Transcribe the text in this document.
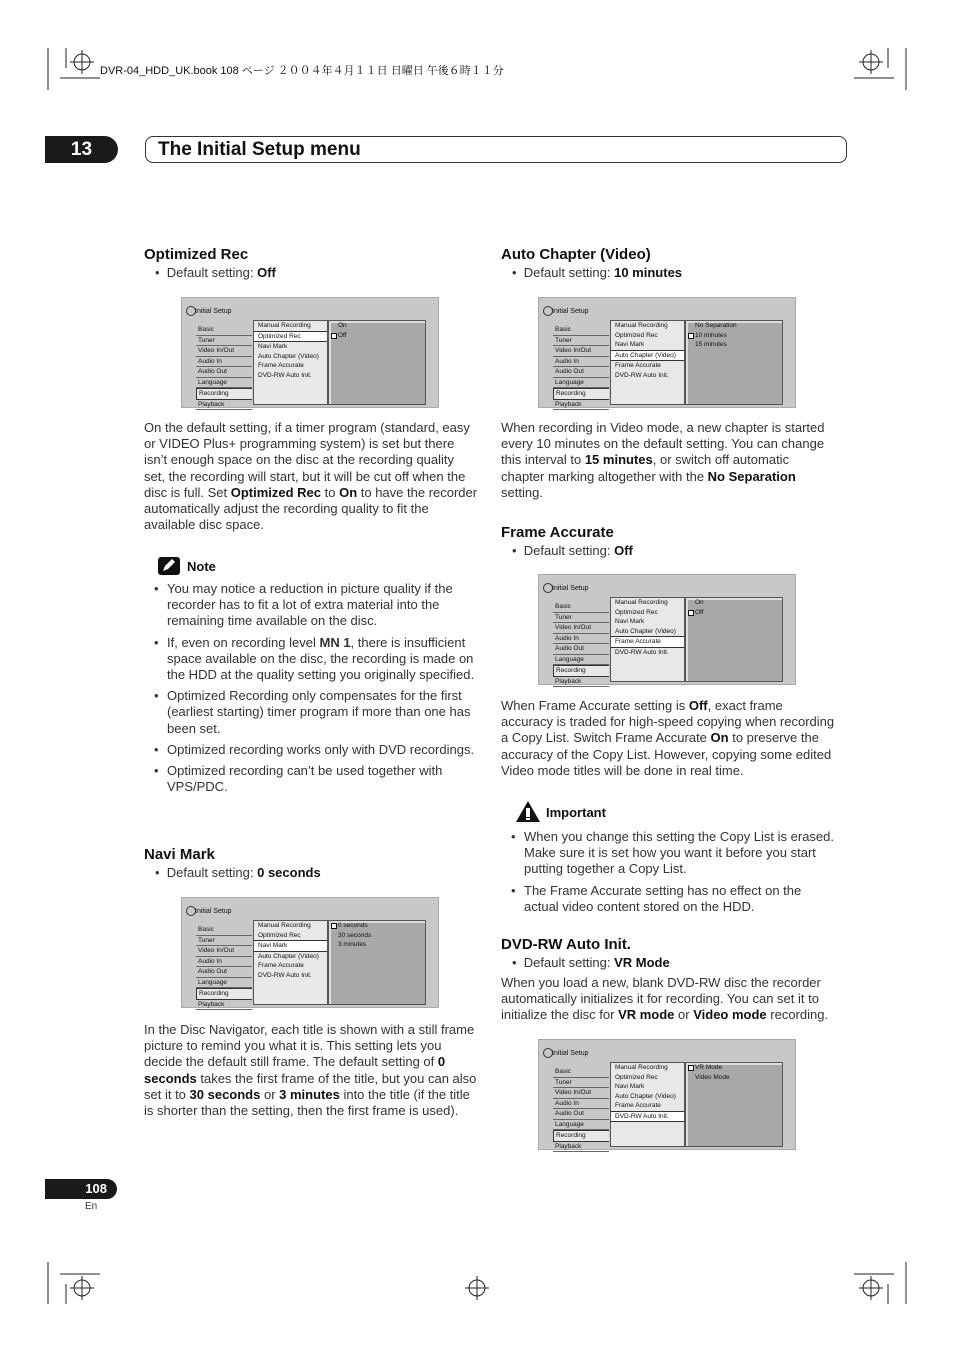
DVR-04_HDD_UK.book 108 ページ ２００４年４月１１日 日曜日 午後６時１１分
13	The Initial Setup menu
Optimized Rec
•  Default setting: Off
Initial Setup
Basic
Tuner
Video In/Out
Audio In
Audio Out
Language
Recording
Playback
Manual Recording
Optimized Rec
Navi Mark
Auto Chapter (Video)
Frame Accurate
DVD-RW Auto Init.
On
Off
On the default setting, if a timer program (standard, easy or VIDEO Plus+ programming system) is set but there isn’t enough space on the disc at the recording quality set, the recording will start, but it will be cut off when the disc is full. Set Optimized Rec to On to have the recorder automatically adjust the recording quality to fit the available disc space.
Note
• You may notice a reduction in picture quality if the recorder has to fit a lot of extra material into the remaining time available on the disc.
• If, even on recording level MN 1, there is insufficient space available on the disc, the recording is made on the HDD at the quality setting you originally specified.
• Optimized Recording only compensates for the first (earliest starting) timer program if more than one has been set.
• Optimized recording works only with DVD recordings.
• Optimized recording can’t be used together with VPS/PDC.
Navi Mark
•  Default setting: 0 seconds
Initial Setup
Basic
Tuner
Video In/Out
Audio In
Audio Out
Language
Recording
Playback
Manual Recording
Optimized Rec
Navi Mark
Auto Chapter (Video)
Frame Accurate
DVD-RW Auto Init.
0 seconds
30 seconds
3 minutes
In the Disc Navigator, each title is shown with a still frame picture to remind you what it is. This setting lets you decide the default still frame. The default setting of 0 seconds takes the first frame of the title, but you can also set it to 30 seconds or 3 minutes into the title (if the title is shorter than the setting, then the first frame is used).
Auto Chapter (Video)
•  Default setting: 10 minutes
Initial Setup
Basic
Tuner
Video In/Out
Audio In
Audio Out
Language
Recording
Playback
Manual Recording
Optimized Rec
Navi Mark
Auto Chapter (Video)
Frame Accurate
DVD-RW Auto Init.
No Separation
10 minutes
15 minutes
When recording in Video mode, a new chapter is started every 10 minutes on the default setting. You can change this interval to 15 minutes, or switch off automatic chapter marking altogether with the No Separation setting.
Frame Accurate
•  Default setting: Off
Initial Setup
Basic
Tuner
Video In/Out
Audio In
Audio Out
Language
Recording
Playback
Manual Recording
Optimized Rec
Navi Mark
Auto Chapter (Video)
Frame Accurate
DVD-RW Auto Init.
On
Off
When Frame Accurate setting is Off, exact frame accuracy is traded for high-speed copying when recording a Copy List. Switch Frame Accurate On to preserve the accuracy of the Copy List. However, copying some edited Video mode titles will be done in real time.
Important
• When you change this setting the Copy List is erased. Make sure it is set how you want it before you start putting together a Copy List.
• The Frame Accurate setting has no effect on the actual video content stored on the HDD.
DVD-RW Auto Init.
•  Default setting: VR Mode
When you load a new, blank DVD-RW disc the recorder automatically initializes it for recording. You can set it to initialize the disc for VR mode or Video mode recording.
Initial Setup
Basic
Tuner
Video In/Out
Audio In
Audio Out
Language
Recording
Playback
Manual Recording
Optimized Rec
Navi Mark
Auto Chapter (Video)
Frame Accurate
DVD-RW Auto Init.
VR Mode
Video Mode
108
En
